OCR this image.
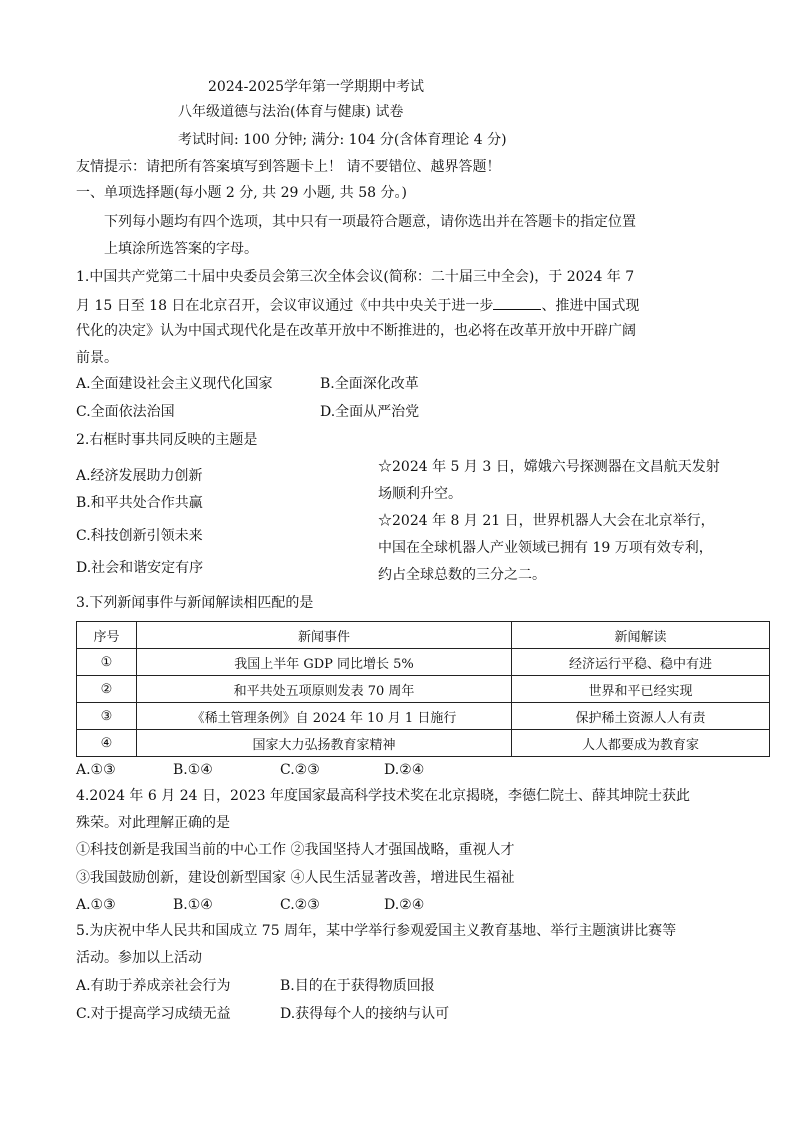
2024-2025学年第一学期期中考试
八年级道德与法治(体育与健康) 试卷
考试时间: 100 分钟; 满分: 104 分(含体育理论 4 分)
友情提示：请把所有答案填写到答题卡上！ 请不要错位、越界答题！
一、单项选择题(每小题 2 分, 共 29 小题, 共 58 分。)
下列每小题均有四个选项，其中只有一项最符合题意，请你选出并在答题卡的指定位置
上填涂所选答案的字母。
1.中国共产党第二十届中央委员会第三次全体会议(简称：二十届三中全会)，于 2024 年 7
月 15 日至 18 日在北京召开，会议审议通过《中共中央关于进一步	、推进中国式现
代化的决定》认为中国式现代化是在改革开放中不断推进的，也必将在改革开放中开辟广阔
前景。
A.全面建设社会主义现代化国家	B.全面深化改革
C.全面依法治国	D.全面从严治党
2.右框时事共同反映的主题是
A.经济发展助力创新
B.和平共处合作共赢
C.科技创新引领未来
D.社会和谐安定有序
☆2024 年 5 月 3 日，嫦娥六号探测器在文昌航天发射
场顺利升空。
☆2024 年 8 月 21 日，世界机器人大会在北京举行，
中国在全球机器人产业领域已拥有 19 万项有效专利，
约占全球总数的三分之二。
3.下列新闻事件与新闻解读相匹配的是
序号	新闻事件	新闻解读
①	我国上半年 GDP 同比增长 5%	经济运行平稳、稳中有进
②	和平共处五项原则发表 70 周年	世界和平已经实现
③	《稀土管理条例》自 2024 年 10 月 1 日施行	保护稀土资源人人有责
④	国家大力弘扬教育家精神	人人都要成为教育家
A.①③	B.①④	C.②③	D.②④
4.2024 年 6 月 24 日，2023 年度国家最高科学技术奖在北京揭晓，李德仁院士、薛其坤院士获此
殊荣。对此理解正确的是
①科技创新是我国当前的中心工作 ②我国坚持人才强国战略，重视人才
③我国鼓励创新，建设创新型国家 ④人民生活显著改善，增进民生福祉
A.①③	B.①④	C.②③	D.②④
5.为庆祝中华人民共和国成立 75 周年，某中学举行参观爱国主义教育基地、举行主题演讲比赛等
活动。参加以上活动
A.有助于养成亲社会行为	B.目的在于获得物质回报
C.对于提高学习成绩无益	D.获得每个人的接纳与认可
